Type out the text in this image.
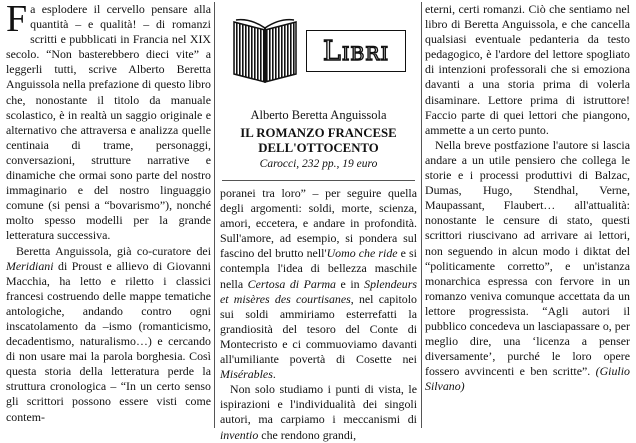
Fa esplodere il cervello pensare alla quantità – e qualità! – di romanzi scritti e pubblicati in Francia nel XIX secolo. “Non basterebbero dieci vite” a leggerli tutti, scrive Alberto Beretta Anguissola nella prefazione di questo libro che, nonostante il titolo da manuale scolastico, è in realtà un saggio originale e alternativo che attraversa e analizza quelle centinaia di trame, personaggi, conversazioni, strutture narrative e dinamiche che ormai sono parte del nostro immaginario e del nostro linguaggio comune (si pensi a “bovarismo”), nonché molto spesso modelli per la grande letteratura successiva.

Beretta Anguissola, già co-curatore dei Meridiani di Proust e allievo di Giovanni Macchia, ha letto e riletto i classici francesi costruendo delle mappe tematiche antologiche, andando contro ogni inscatolamento da –ismo (romanticismo, decadentismo, naturalismo…) e cercando di non usare mai la parola borghesia. Così questa storia della letteratura perde la struttura cronologica – “In un certo senso gli scrittori possono essere visti come contem-

Libri
Alberto Beretta Anguissola
IL ROMANZO FRANCESE
DELL'OTTOCENTO
Carocci, 232 pp., 19 euro

poranei tra loro” – per seguire quella degli argomenti: soldi, morte, scienza, amori, eccetera, e andare in profondità. Sull'amore, ad esempio, si pondera sul fascino del brutto nell'Uomo che ride e si contempla l'idea di bellezza maschile nella Certosa di Parma e in Splendeurs et misères des courtisanes, nel capitolo sui soldi ammiriamo esterrefatti la grandiosità del tesoro del Conte di Montecristo e ci commuoviamo davanti all'umiliante povertà di Cosette nei Misérables.

Non solo studiamo i punti di vista, le ispirazioni e l'individualità dei singoli autori, ma carpiamo i meccanismi di inventio che rendono grandi,

eterni, certi romanzi. Ciò che sentiamo nel libro di Beretta Anguissola, e che cancella qualsiasi eventuale pedanteria da testo pedagogico, è l'ardore del lettore spogliato di intenzioni professorali che si emoziona davanti a una storia prima di volerla disaminare. Lettore prima di istruttore! Faccio parte di quei lettori che piangono, ammette a un certo punto.

Nella breve postfazione l'autore si lascia andare a un utile pensiero che collega le storie e i processi produttivi di Balzac, Dumas, Hugo, Stendhal, Verne, Maupassant, Flaubert… all'attualità: nonostante le censure di stato, questi scrittori riuscivano ad arrivare ai lettori, non seguendo in alcun modo i diktat del “politicamente corretto”, e un'istanza monarchica espressa con fervore in un romanzo veniva comunque accettata da un lettore progressista. “Agli autori il pubblico concedeva un lasciapassare o, per meglio dire, una ‘licenza a penser diversamente’, purché le loro opere fossero avvincenti e ben scritte”. (Giulio Silvano)
